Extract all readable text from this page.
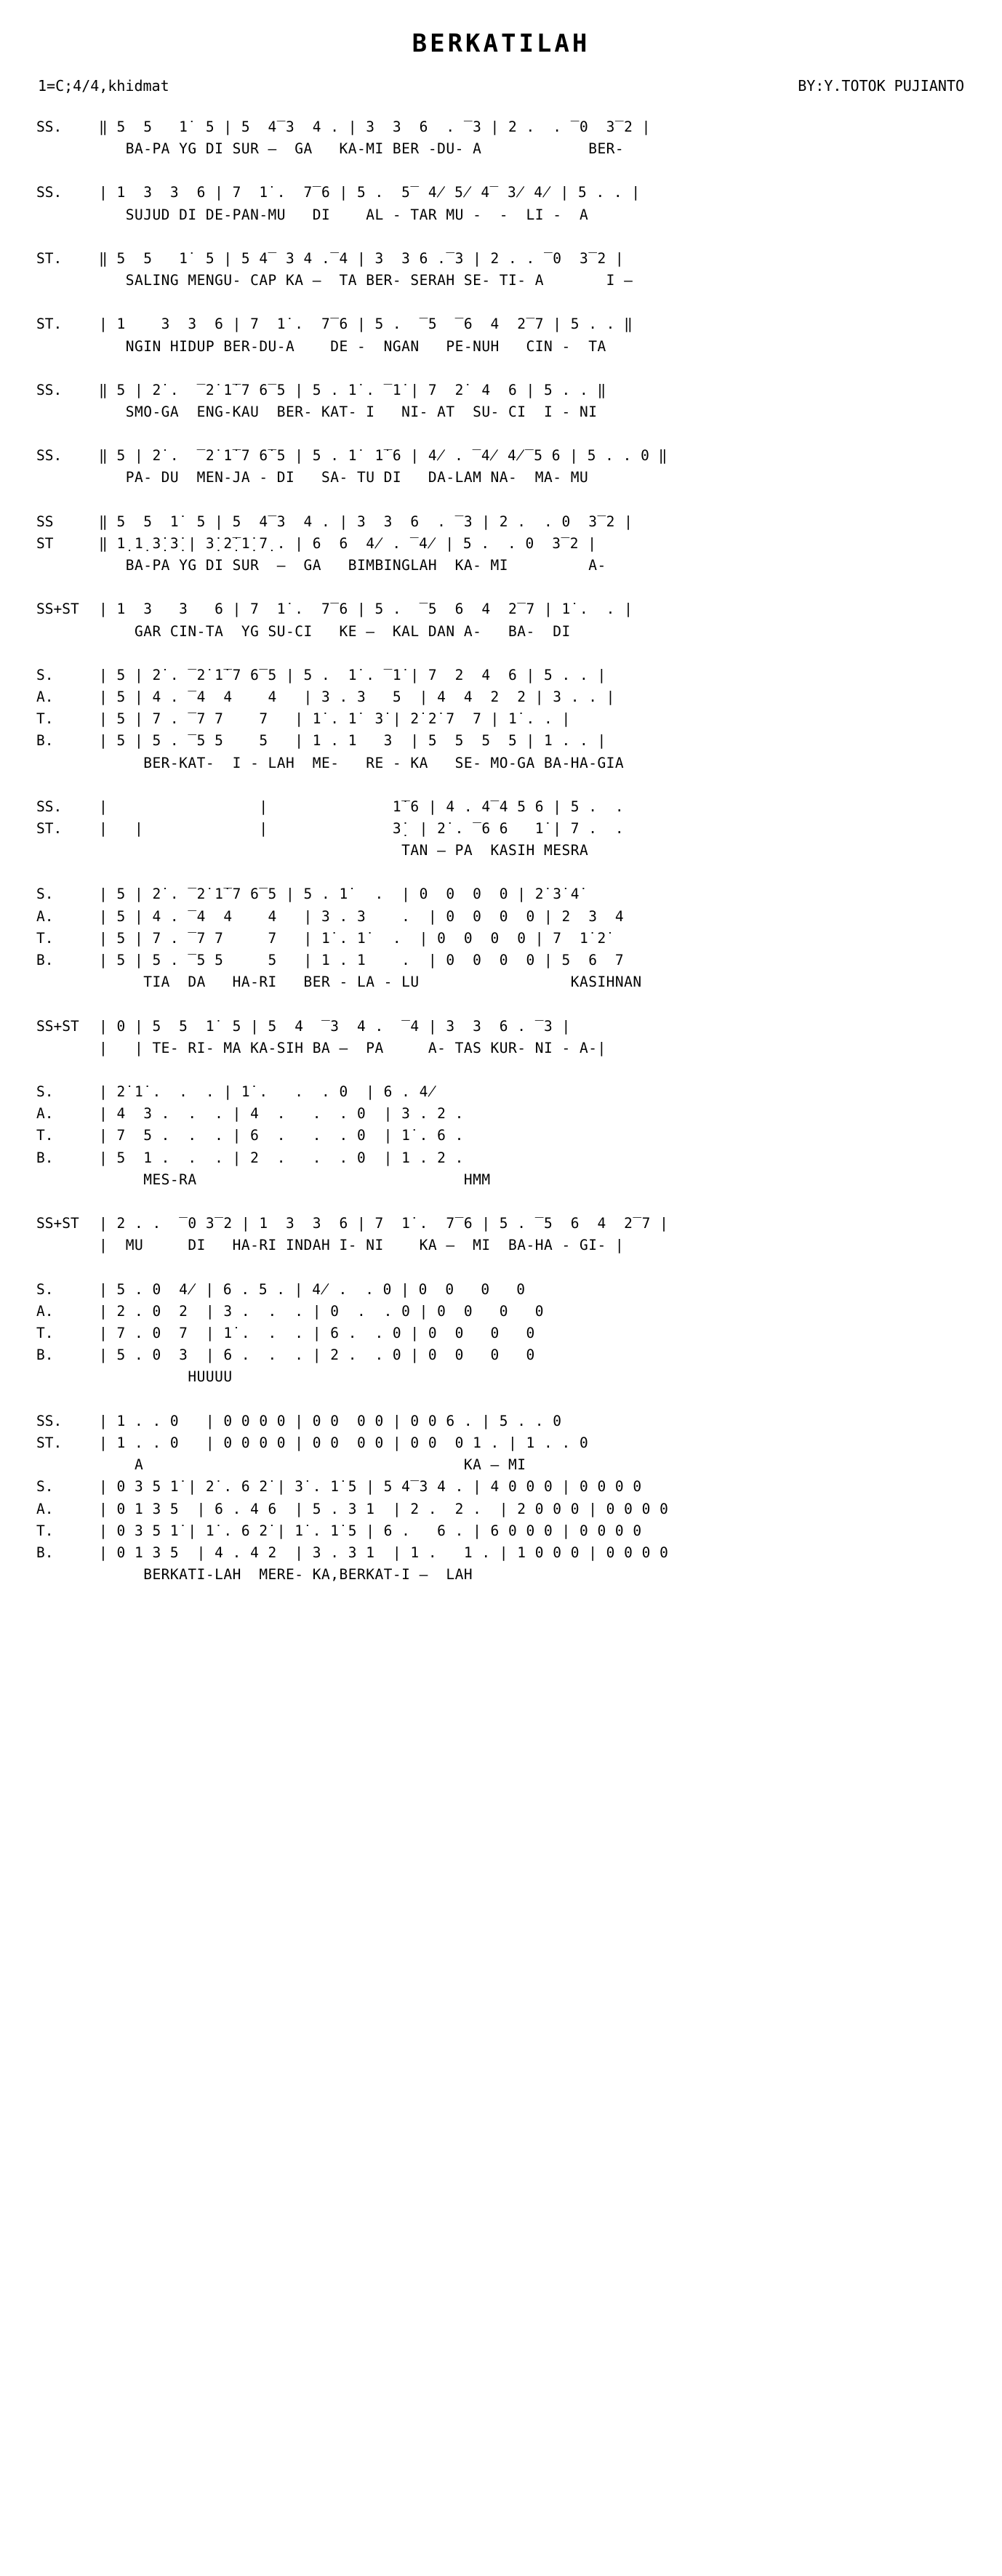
BERKATILAH
1=C;4/4,khidmat	BY:Y.TOTOK PUJIANTO
SS.	‖ 5  5   1̇  5 | 5  4‾3  4 . | 3  3  6  . ‾3 | 2 .  . ‾0  3‾2 |
BA-PA YG DI SUR –  GA   KA-MI BER -DU- A            BER-
SS.	| 1  3  3  6 | 7  1̇ .  7‾6 | 5 .  5‾ 4̸ 5̸ 4‾ 3̸ 4̸ | 5 . . |
SUJUD DI DE-PAN-MU   DI    AL - TAR MU -  -  LI -  A
ST.	‖ 5  5   1̇  5 | 5 4‾ 3 4 .‾4 | 3  3 6 .‾3 | 2 . . ‾0  3‾2 |
SALING MENGU- CAP KA –  TA BER- SERAH SE- TI- A       I –
ST.	| 1    3  3  6 | 7  1̇ .  7‾6 | 5 .  ‾5  ‾6  4  2‾7 | 5 . . ‖
NGIN HIDUP BER-DU-A    DE -  NGAN   PE-NUH   CIN -  TA
SS.	‖ 5 | 2̇ .  ‾2̇ 1̇‾7 6‾5 | 5 . 1̇ . ‾1̇ | 7  2̇  4  6 | 5 . . ‖
SMO-GA  ENG-KAU  BER- KAT- I   NI- AT  SU- CI  I - NI
SS.	‖ 5 | 2̇ .  ‾2̇ 1̇‾7 6̇‾5 | 5 . 1̇  1̇‾6 | 4̸ . ‾4̸ 4̸‾5 6 | 5 . . 0 ‖
PA- DU  MEN-JA - DI   SA- TU DI   DA-LAM NA-  MA- MU
SS	‖ 5  5  1̇  5 | 5  4‾3  4 . | 3  3  6  . ‾3 | 2 .  . 0  3‾2 |
ST	‖ 1̣ 1̣ 3̣̇ 3̣̇ | 3̣̇ 2̣̇‾1̣̇ 7̣ . | 6  6  4̸ . ‾4̸ | 5 .  . 0  3‾2 |
BA-PA YG DI SUR  –  GA   BIMBINGLAH  KA- MI         A-
SS+ST	| 1  3   3   6 | 7  1̇ .  7‾6 | 5 .  ‾5  6  4  2‾7 | 1̇ .  . |
GAR CIN-TA  YG SU-CI   KE –  KAL DAN A-   BA-  DI
S.	| 5 | 2̇ . ‾2̇ 1̇‾7 6‾5 | 5 .  1̇ . ‾1̇ | 7  2  4  6 | 5 . . |
A.	| 5 | 4 . ‾4  4    4   | 3 . 3   5  | 4  4  2  2 | 3 . . |
T.	| 5 | 7 . ‾7 7    7   | 1̇ . 1̇  3̇ | 2̇ 2̇ 7  7 | 1̇ . . |
B.	| 5 | 5 . ‾5 5    5   | 1 . 1   3  | 5  5  5  5 | 1 . . |
BER-KAT-  I - LAH  ME-   RE - KA   SE- MO-GA BA-HA-GIA
SS.	|                 |              1̇‾6 | 4 . 4‾4 5 6 | 5 .  .
ST.	|   |             |              3̣̇  | 2̇ . ‾6 6   1̇ | 7 .  .
TAN – PA  KASIH MESRA
S.	| 5 | 2̇ . ‾2̇ 1̇‾7 6‾5 | 5 . 1̇   .  | 0  0  0  0 | 2̇ 3̇ 4̇
A.	| 5 | 4 . ‾4  4    4   | 3 . 3    .  | 0  0  0  0 | 2  3  4
T.	| 5 | 7 . ‾7 7     7   | 1̇ . 1̇   .  | 0  0  0  0 | 7  1̇ 2̇
B.	| 5 | 5 . ‾5 5     5   | 1 . 1    .  | 0  0  0  0 | 5  6  7
TIA  DA   HA-RI   BER - LA - LU                 KASIHNAN
SS+ST	| 0 | 5  5  1̇  5 | 5  4  ‾3  4 .  ‾4 | 3  3  6 . ‾3 |
|   | TE- RI- MA KA-SIH BA –  PA     A- TAS KUR- NI - A-|
S.	| 2̇ 1̇ .  .  . | 1̇ .   .  . 0  | 6 . 4̸
A.	| 4  3 .  .  . | 4  .   .  . 0  | 3 . 2 .
T.	| 7  5 .  .  . | 6  .   .  . 0  | 1̇ . 6 .
B.	| 5  1 .  .  . | 2  .   .  . 0  | 1 . 2 .
MES-RA                              HMM
SS+ST	| 2 . .  ‾0 3‾2 | 1  3  3  6 | 7  1̇ .  7‾6 | 5 . ‾5  6  4  2‾7 |
|  MU     DI   HA-RI INDAH I- NI    KA –  MI  BA-HA - GI- |
S.	| 5 . 0  4̸ | 6 . 5 . | 4̸ .  . 0 | 0  0   0   0
A.	| 2 . 0  2  | 3 .  .  . | 0  .  . 0 | 0  0   0   0
T.	| 7 . 0  7  | 1̇ .  .  . | 6 .  . 0 | 0  0   0   0
B.	| 5 . 0  3  | 6 .  .  . | 2 .  . 0 | 0  0   0   0
HUUUU
SS.	| 1 . . 0   | 0 0 0 0 | 0 0  0 0 | 0 0 6 . | 5 . . 0
ST.	| 1 . . 0   | 0 0 0 0 | 0 0  0 0 | 0 0  0 1 . | 1 . . 0
A                                    KA – MI
S.	| 0 3 5 1̇ | 2̇ . 6 2̇ | 3̇ . 1̇ 5 | 5 4‾3 4 . | 4 0 0 0 | 0 0 0 0
A.	| 0 1 3 5  | 6 . 4 6  | 5 . 3 1  | 2 .  2 .  | 2 0 0 0 | 0 0 0 0
T.	| 0 3 5 1̇ | 1̇ . 6 2̇ | 1̇ . 1̇ 5 | 6 .   6 . | 6 0 0 0 | 0 0 0 0
B.	| 0 1 3 5  | 4 . 4 2  | 3 . 3 1  | 1 .   1 . | 1 0 0 0 | 0 0 0 0
BERKATI-LAH  MERE- KA,BERKAT-I –  LAH
